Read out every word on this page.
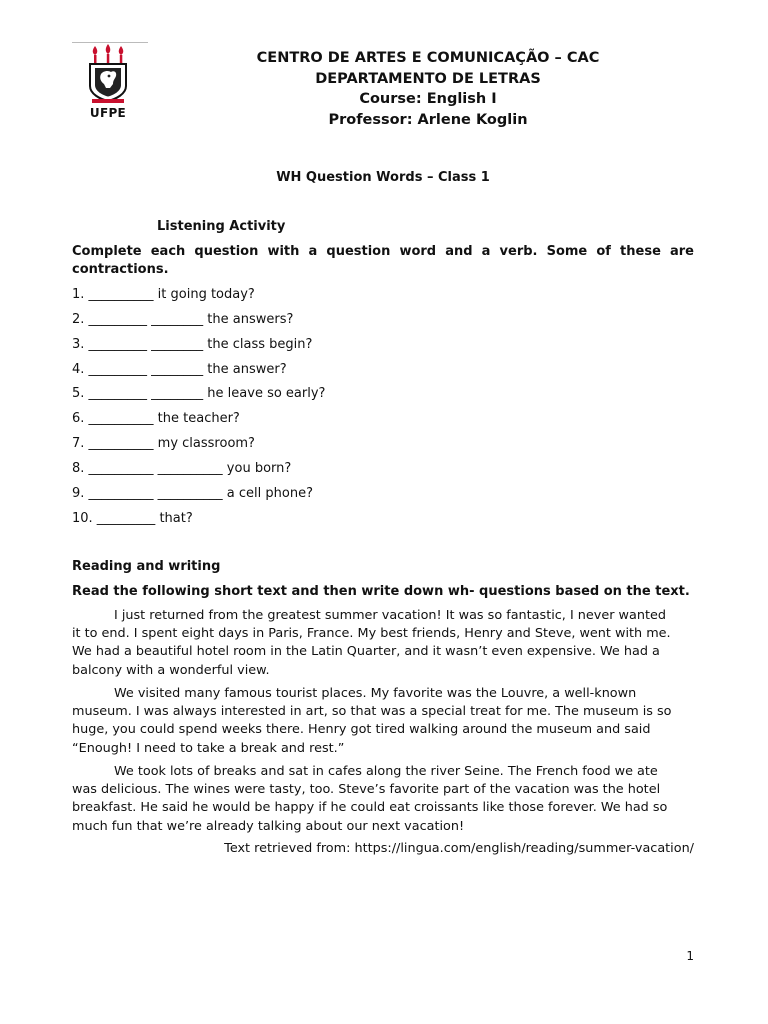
UFPE
CENTRO DE ARTES E COMUNICAÇÃO – CAC
DEPARTAMENTO DE LETRAS
Course: English I
Professor: Arlene Koglin
WH Question Words – Class 1
Listening Activity
Complete each question with a question word and a verb. Some of these are contractions.
1. __________ it going today?
2. _________ ________ the answers?
3. _________ ________ the class begin?
4. _________ ________ the answer?
5. _________ ________ he leave so early?
6. __________ the teacher?
7. __________ my classroom?
8. __________ __________ you born?
9. __________ __________ a cell phone?
10. _________ that?
Reading and writing
Read the following short text and then write down wh- questions based on the text.

I just returned from the greatest summer vacation! It was so fantastic, I never wanted
it to end. I spent eight days in Paris, France. My best friends, Henry and Steve, went with me.
We had a beautiful hotel room in the Latin Quarter, and it wasn’t even expensive. We had a
balcony with a wonderful view.

We visited many famous tourist places. My favorite was the Louvre, a well-known
museum. I was always interested in art, so that was a special treat for me. The museum is so
huge, you could spend weeks there. Henry got tired walking around the museum and said
“Enough! I need to take a break and rest.”

We took lots of breaks and sat in cafes along the river Seine. The French food we ate
was delicious. The wines were tasty, too. Steve’s favorite part of the vacation was the hotel
breakfast. He said he would be happy if he could eat croissants like those forever. We had so
much fun that we’re already talking about our next vacation!

Text retrieved from: https://lingua.com/english/reading/summer-vacation/
1
